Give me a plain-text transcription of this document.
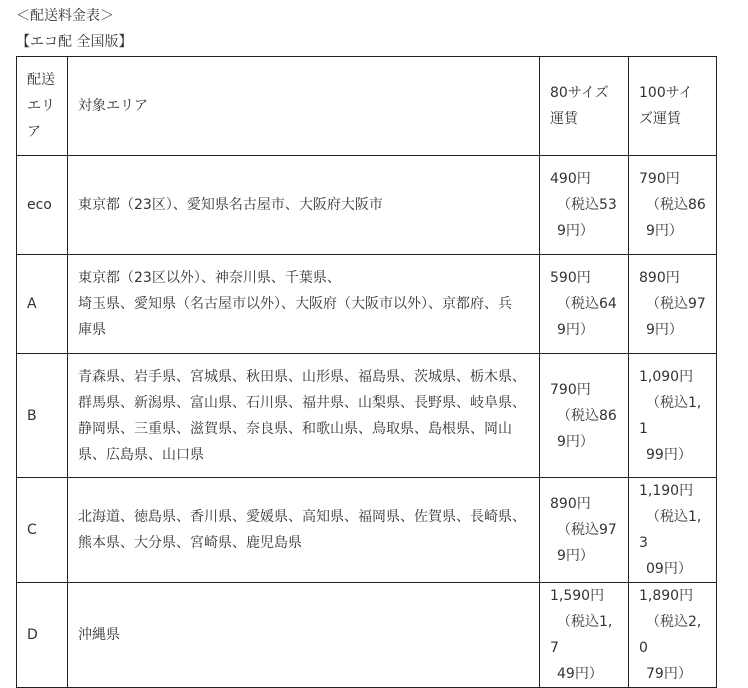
＜配送料金表＞
【エコ配 全国版】
配送
エリ
ア	対象エリア	80サイズ
運賃	100サイ
ズ運賃

eco	東京都（23区）、愛知県名古屋市、大阪府大阪市	490円
（税込53
9円）	790円
（税込86
9円）

A	東京都（23区以外）、神奈川県、千葉県、
埼玉県、愛知県（名古屋市以外）、大阪府（大阪市以外）、京都府、兵
庫県	590円
（税込64
9円）	890円
（税込97
9円）

B	青森県、岩手県、宮城県、秋田県、山形県、福島県、茨城県、栃木県、
群馬県、新潟県、富山県、石川県、福井県、山梨県、長野県、岐阜県、
静岡県、三重県、滋賀県、奈良県、和歌山県、鳥取県、島根県、岡山
県、広島県、山口県	790円
（税込86
9円）	1,090円
（税込1,1
99円）

C	北海道、徳島県、香川県、愛媛県、高知県、福岡県、佐賀県、長崎県、
熊本県、大分県、宮崎県、鹿児島県	890円
（税込97
9円）	1,190円
（税込1,3
09円）

D	沖縄県	1,590円
（税込1,7
49円）	1,890円
（税込2,0
79円）
